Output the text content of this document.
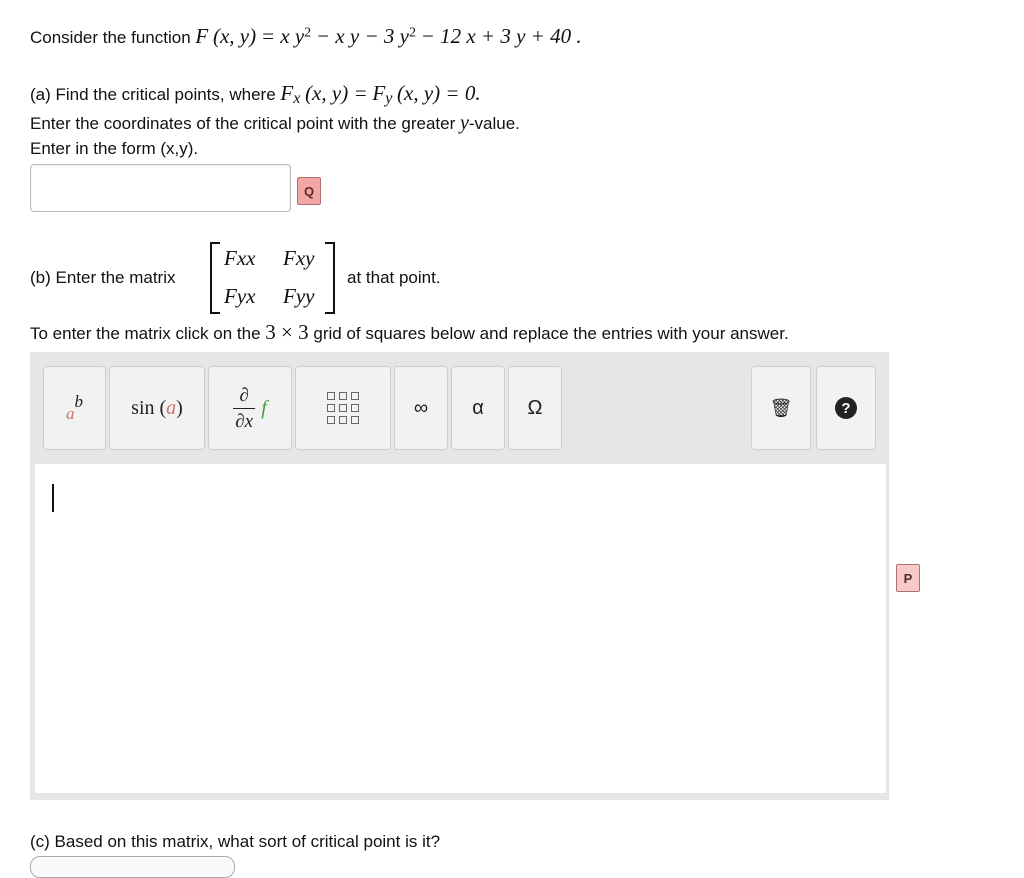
Consider the function F (x, y) = x $y^2 - x$ y − 3 $y^2 - 12$ x + 3 y + 40 .
(a) Find the critical points, where $F_x$ (x, $y) = F_y$ (x, y) = 0.
Enter the coordinates of the critical point with the greater y-value.
Enter in the form (x,y).
Q
(b) Enter the matrix
Fxx Fxy
Fyx Fyy
at that point.
To enter the matrix click on the 3 × 3 grid of squares below and replace the entries with your answer.
a
b sin ( a )
∂
∂x
f	∞	α	Ω	🗑	?
P
(c) Based on this matrix, what sort of critical point is it?
